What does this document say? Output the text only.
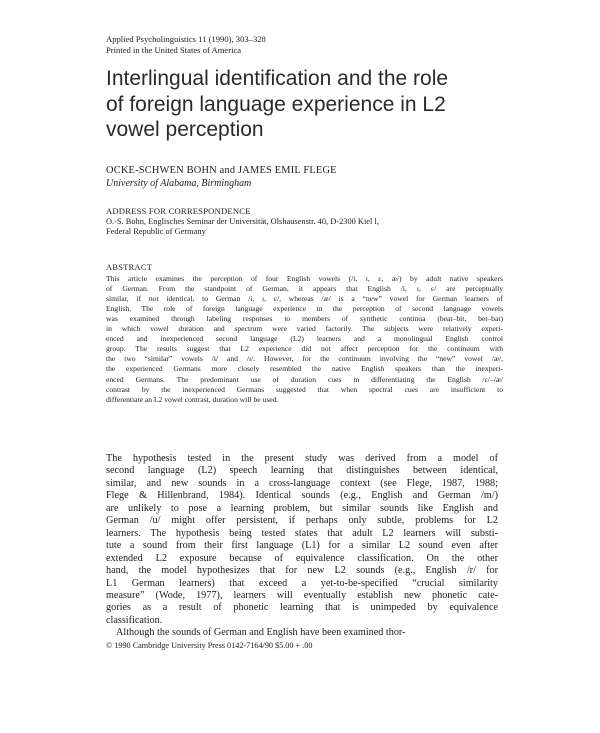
Applied Psycholinguistics 11 (1990), 303–328
Printed in the United States of America
Interlingual identification and the role
of foreign language experience in L2
vowel perception
OCKE-SCHWEN BOHN and JAMES EMIL FLEGE
University of Alabama, Birmingham
ADDRESS FOR CORRESPONDENCE
O.-S. Bohn, Englisches Seminar der Universität, Olshausenstr. 40, D-2300 Kiel l,
Federal Republic of Germany
ABSTRACT
This article examines the perception of four English vowels (/i, ɪ, ɛ, æ/) by adult native speakers
of German. From the standpoint of German, it appears that English /i, ɪ, ɛ/ are perceptually
similar, if not identical, to German /i, ɪ, ɛ/, whereas /æ/ is a “new” vowel for German learners of
English. The role of foreign language experience in the perception of second language vowels
was examined through labeling responses to members of synthetic continua (beat–bit, bet–bat)
in which vowel duration and spectrum were varied factorily. The subjects were relatively experi-
enced and inexperienced second language (L2) learners and a monolingual English control
group. The results suggest that L2 experience did not affect perception for the continuum with
the two “similar” vowels /i/ and /ɪ/. However, for the continuum involving the “new” vowel /æ/,
the experienced Germans more closely resembled the native English speakers than the inexperi-
enced Germans. The predominant use of duration cues in differentiating the English /ɛ/–/æ/
contrast by the inexperienced Germans suggested that when spectral cues are insufficient to
differentiate an L2 vowel contrast, duration will be used.
The hypothesis tested in the present study was derived from a model of
second language (L2) speech learning that distinguishes between identical,
similar, and new sounds in a cross-language context (see Flege, 1987, 1988;
Flege & Hillenbrand, 1984). Identical sounds (e.g., English and German /m/)
are unlikely to pose a learning problem, but similar sounds like English and
German /u/ might offer persistent, if perhaps only subtle, problems for L2
learners. The hypothesis being tested states that adult L2 learners will substi-
tute a sound from their first language (L1) for a similar L2 sound even after
extended L2 exposure because of equivalence classification. On the other
hand, the model hypothesizes that for new L2 sounds (e.g., English /r/ for
L1 German learners) that exceed a yet-to-be-specified “crucial similarity
measure” (Wode, 1977), learners will eventually establish new phonetic cate-
gories as a result of phonetic learning that is unimpeded by equivalence
classification.
Although the sounds of German and English have been examined thor-
© 1990 Cambridge University Press 0142-7164/90 $5.00 + .00
